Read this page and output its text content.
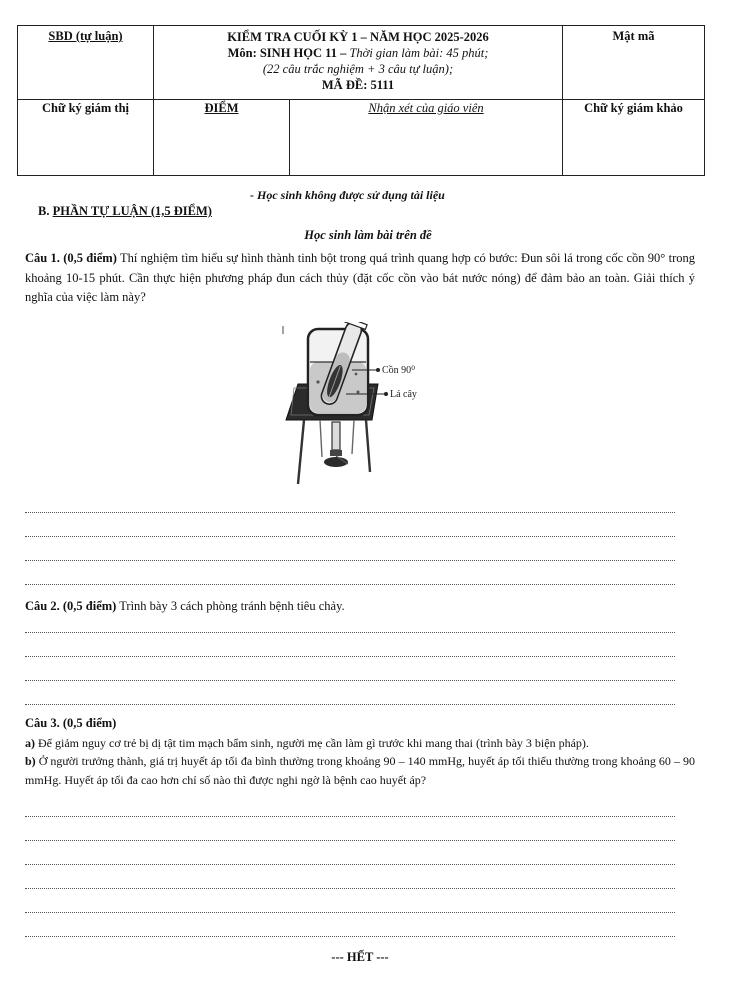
SBD (tự luận)	KIỂM TRA CUỐI KỲ 1 – NĂM HỌC 2025-2026
Môn: SINH HỌC 11 – Thời gian làm bài: 45 phút;
(22 câu trắc nghiệm + 3 câu tự luận);
MÃ ĐỀ: 5111		Mật mã

Chữ ký giám thị	ĐIỂM	Nhận xét của giáo viên	Chữ ký giám khảo
- Học sinh không được sử dụng tài liệu
B. PHẦN TỰ LUẬN (1,5 ĐIỂM)
Học sinh làm bài trên đề
Câu 1. (0,5 điểm) Thí nghiệm tìm hiểu sự hình thành tinh bột trong quá trình quang hợp có bước: Đun sôi lá trong cốc cồn 90° trong khoảng 10-15 phút. Cần thực hiện phương pháp đun cách thủy (đặt cốc cồn vào bát nước nóng) để đảm bảo an toàn. Giải thích ý nghĩa của việc làm này?
Cồn 90⁰
Lá cây
Câu 2. (0,5 điểm) Trình bày 3 cách phòng tránh bệnh tiêu chảy.
Câu 3. (0,5 điểm)
a) Để giảm nguy cơ trẻ bị dị tật tim mạch bẩm sinh, người mẹ cần làm gì trước khi mang thai (trình bày 3 biện pháp).
b) Ở người trưởng thành, giá trị huyết áp tối đa bình thường trong khoảng 90 – 140 mmHg, huyết áp tối thiểu thường trong khoảng 60 – 90 mmHg. Huyết áp tối đa cao hơn chỉ số nào thì được nghi ngờ là bệnh cao huyết áp?
--- HẾT ---
